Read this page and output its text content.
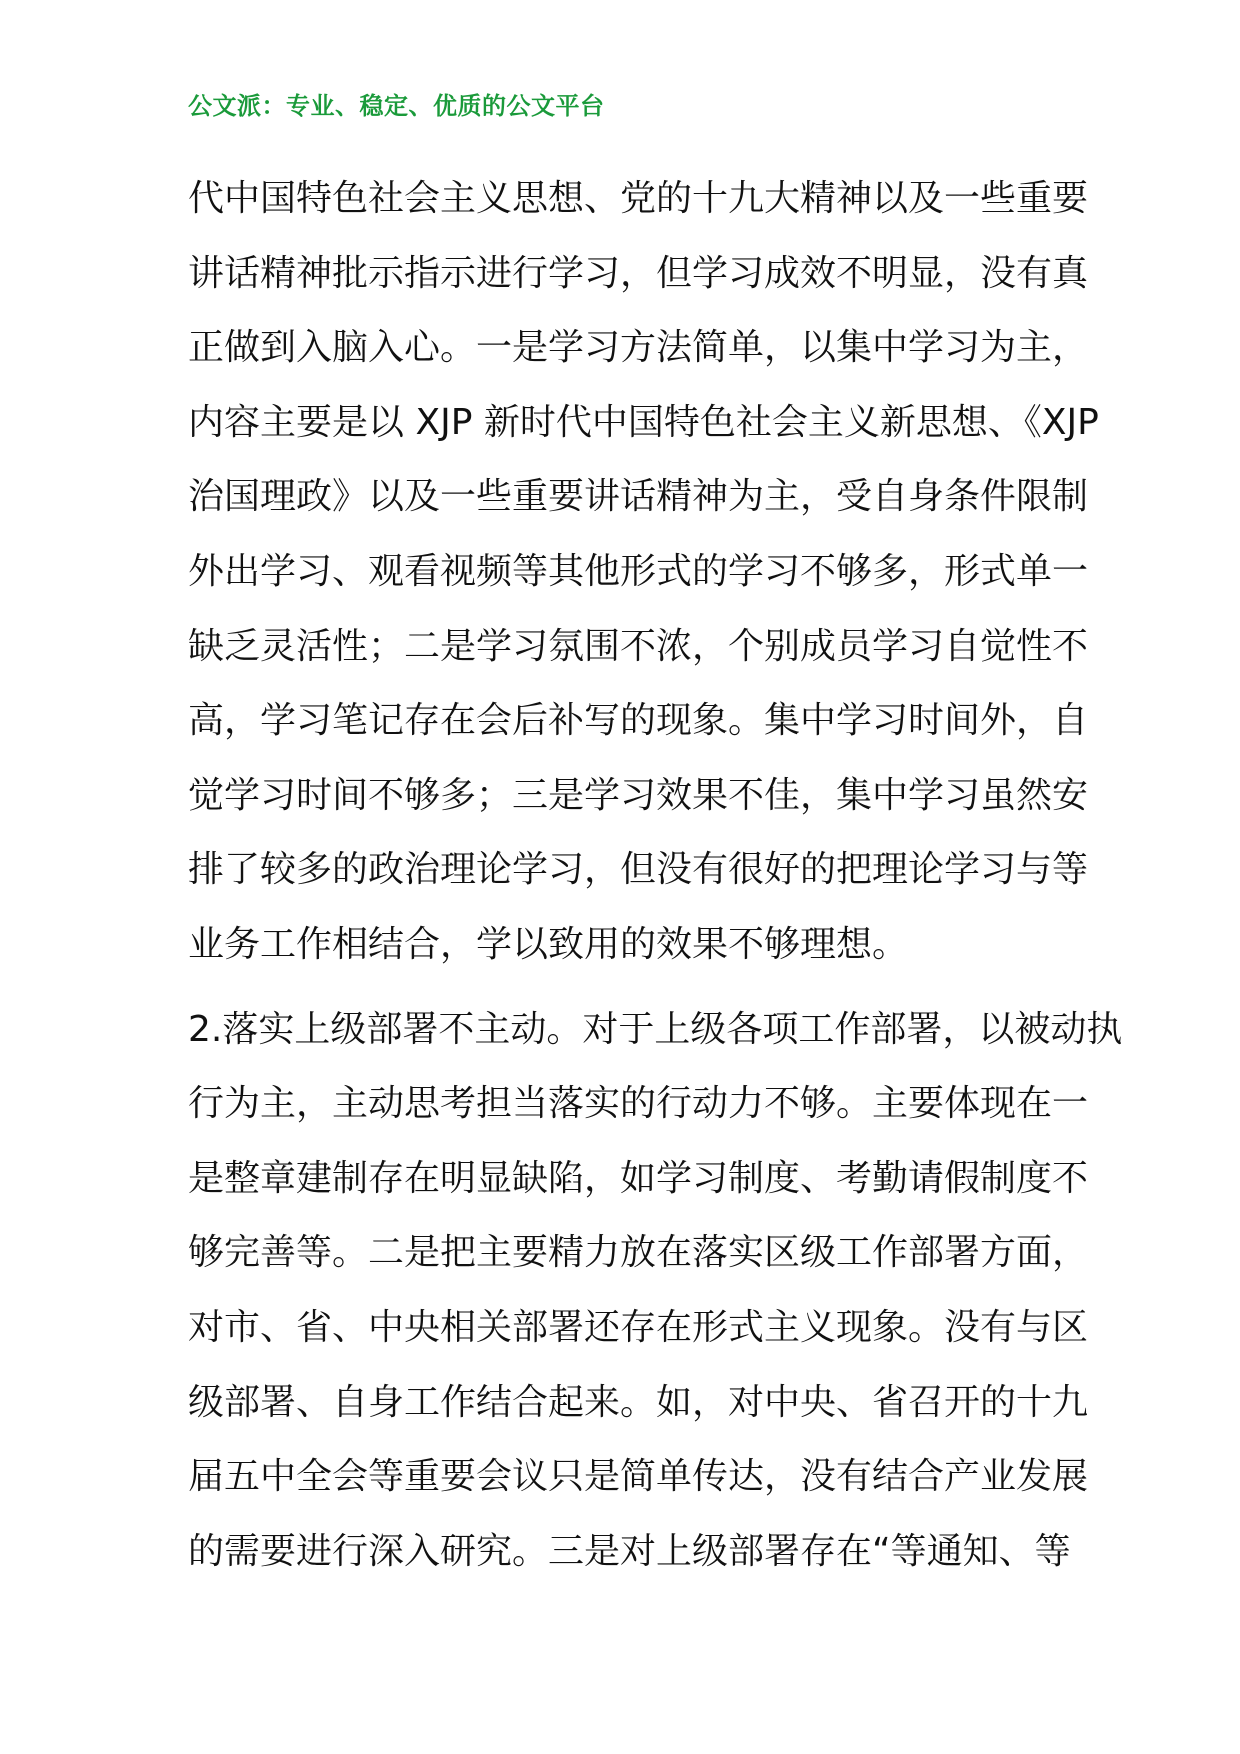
公文派：专业、稳定、优质的公文平台
代中国特色社会主义思想、党的十九大精神以及一些重要
讲话精神批示指示进行学习，但学习成效不明显，没有真
正做到入脑入心。一是学习方法简单，以集中学习为主，
内容主要是以 XJP 新时代中国特色社会主义新思想、《XJP
治国理政》以及一些重要讲话精神为主，受自身条件限制
外出学习、观看视频等其他形式的学习不够多，形式单一
缺乏灵活性；二是学习氛围不浓，个别成员学习自觉性不
高，学习笔记存在会后补写的现象。集中学习时间外，自
觉学习时间不够多；三是学习效果不佳，集中学习虽然安
排了较多的政治理论学习，但没有很好的把理论学习与等
业务工作相结合，学以致用的效果不够理想。
2.落实上级部署不主动。对于上级各项工作部署，以被动执
行为主，主动思考担当落实的行动力不够。主要体现在一
是整章建制存在明显缺陷，如学习制度、考勤请假制度不
够完善等。二是把主要精力放在落实区级工作部署方面，
对市、省、中央相关部署还存在形式主义现象。没有与区
级部署、自身工作结合起来。如，对中央、省召开的十九
届五中全会等重要会议只是简单传达，没有结合产业发展
的需要进行深入研究。三是对上级部署存在“等通知、等
